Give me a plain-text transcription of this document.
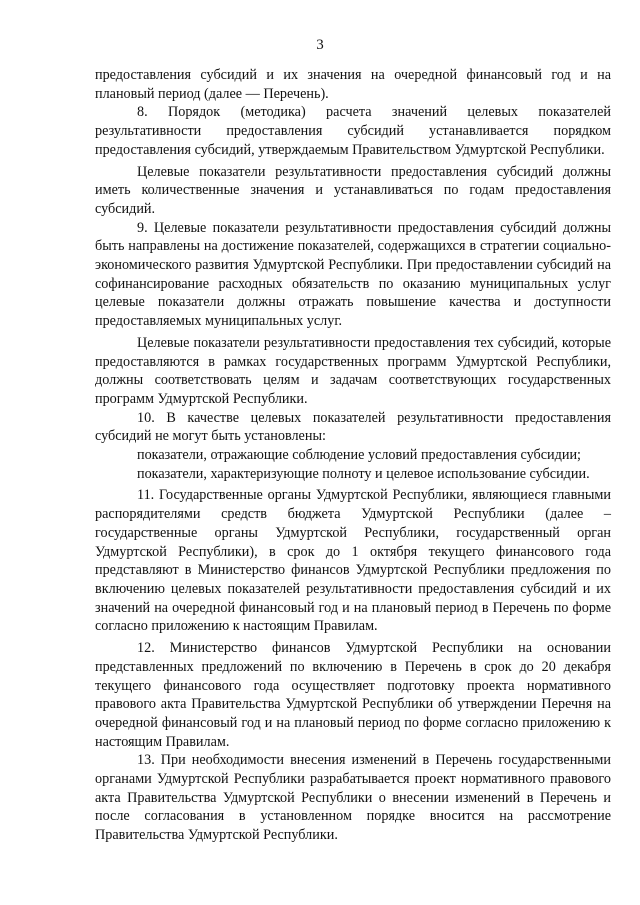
3

предоставления субсидий и их значения на очередной финансовый год и на плановый период (далее — Перечень).

8. Порядок (методика) расчета значений целевых показателей результативности предоставления субсидий устанавливается порядком предоставления субсидий, утверждаемым Правительством Удмуртской Республики.

Целевые показатели результативности предоставления субсидий должны иметь количественные значения и устанавливаться по годам предоставления субсидий.

9. Целевые показатели результативности предоставления субсидий должны быть направлены на достижение показателей, содержащихся в стратегии социально-экономического развития Удмуртской Республики. При предоставлении субсидий на софинансирование расходных обязательств по оказанию муниципальных услуг целевые показатели должны отражать повышение качества и доступности предоставляемых муниципальных услуг.

Целевые показатели результативности предоставления тех субсидий, которые предоставляются в рамках государственных программ Удмуртской Республики, должны соответствовать целям и задачам соответствующих государственных программ Удмуртской Республики.

10. В качестве целевых показателей результативности предоставления субсидий не могут быть установлены:

показатели, отражающие соблюдение условий предоставления субсидии;

показатели, характеризующие полноту и целевое использование субсидии.

11. Государственные органы Удмуртской Республики, являющиеся главными распорядителями средств бюджета Удмуртской Республики (далее – государственные органы Удмуртской Республики, государственный орган Удмуртской Республики), в срок до 1 октября текущего финансового года представляют в Министерство финансов Удмуртской Республики предложения по включению целевых показателей результативности предоставления субсидий и их значений на очередной финансовый год и на плановый период в Перечень по форме согласно приложению к настоящим Правилам.

12. Министерство финансов Удмуртской Республики на основании представленных предложений по включению в Перечень в срок до 20 декабря текущего финансового года осуществляет подготовку проекта нормативного правового акта Правительства Удмуртской Республики об утверждении Перечня на очередной финансовый год и на плановый период по форме согласно приложению к настоящим Правилам.

13. При необходимости внесения изменений в Перечень государственными органами Удмуртской Республики разрабатывается проект нормативного правового акта Правительства Удмуртской Республики о внесении изменений в Перечень и после согласования в установленном порядке вносится на рассмотрение Правительства Удмуртской Республики.
